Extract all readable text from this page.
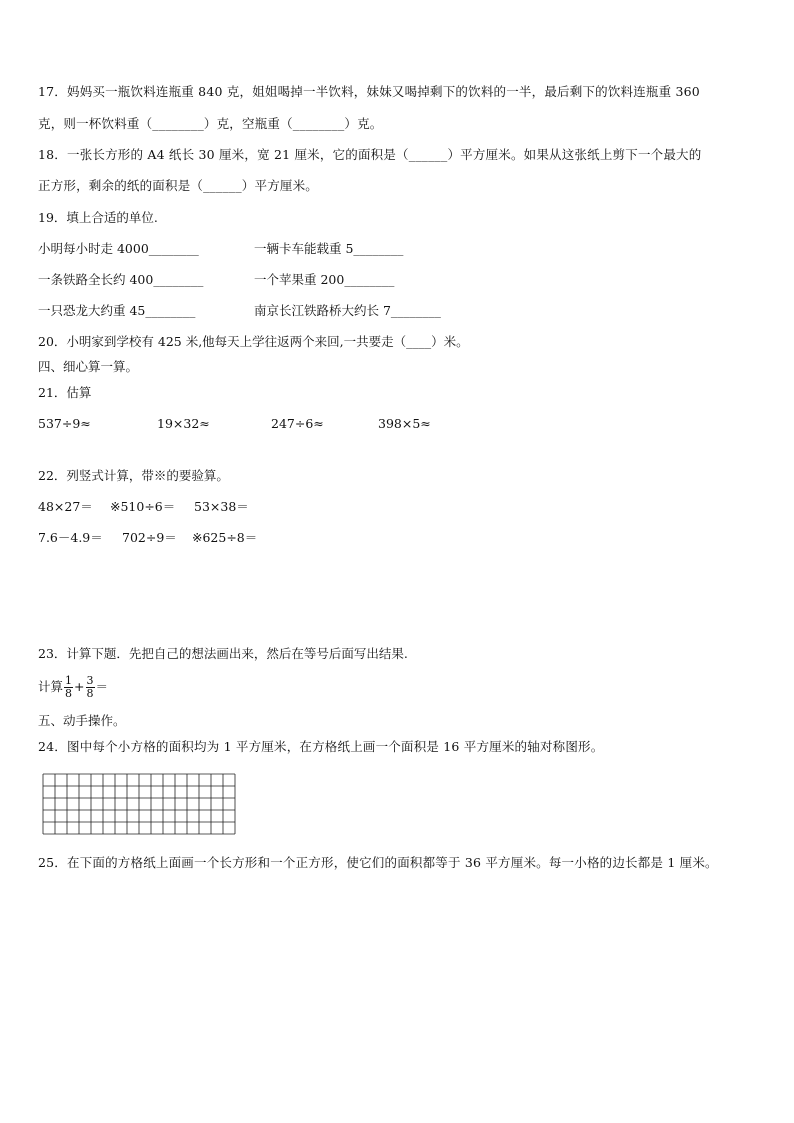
17．妈妈买一瓶饮料连瓶重 840 克，姐姐喝掉一半饮料，妹妹又喝掉剩下的饮料的一半，最后剩下的饮料连瓶重 360
克，则一杯饮料重（________）克，空瓶重（________）克。
18．一张长方形的 A4 纸长 30 厘米，宽 21 厘米，它的面积是（______）平方厘米。如果从这张纸上剪下一个最大的
正方形，剩余的纸的面积是（______）平方厘米。
19．填上合适的单位.
小明每小时走 4000________	一辆卡车能载重 5________
一条铁路全长约 400________	一个苹果重 200________
一只恐龙大约重 45________	南京长江铁路桥大约长 7________
20．小明家到学校有 425 米,他每天上学往返两个来回,一共要走（____）米。
四、细心算一算。
21．估算
537÷9≈	19×32≈	247÷6≈	398×5≈
22．列竖式计算，带※的要验算。
48×27＝ ※510÷6＝ 53×38＝
7.6－4.9＝ 702÷9＝ ※625÷8＝
23．计算下题．先把自己的想法画出来，然后在等号后面写出结果.
计算 $\frac{1}{8} + \frac{3}{8}$ ＝
五、动手操作。
24．图中每个小方格的面积均为 1 平方厘米，在方格纸上画一个面积是 16 平方厘米的轴对称图形。
25．在下面的方格纸上面画一个长方形和一个正方形，使它们的面积都等于 36 平方厘米。每一小格的边长都是 1 厘米。
